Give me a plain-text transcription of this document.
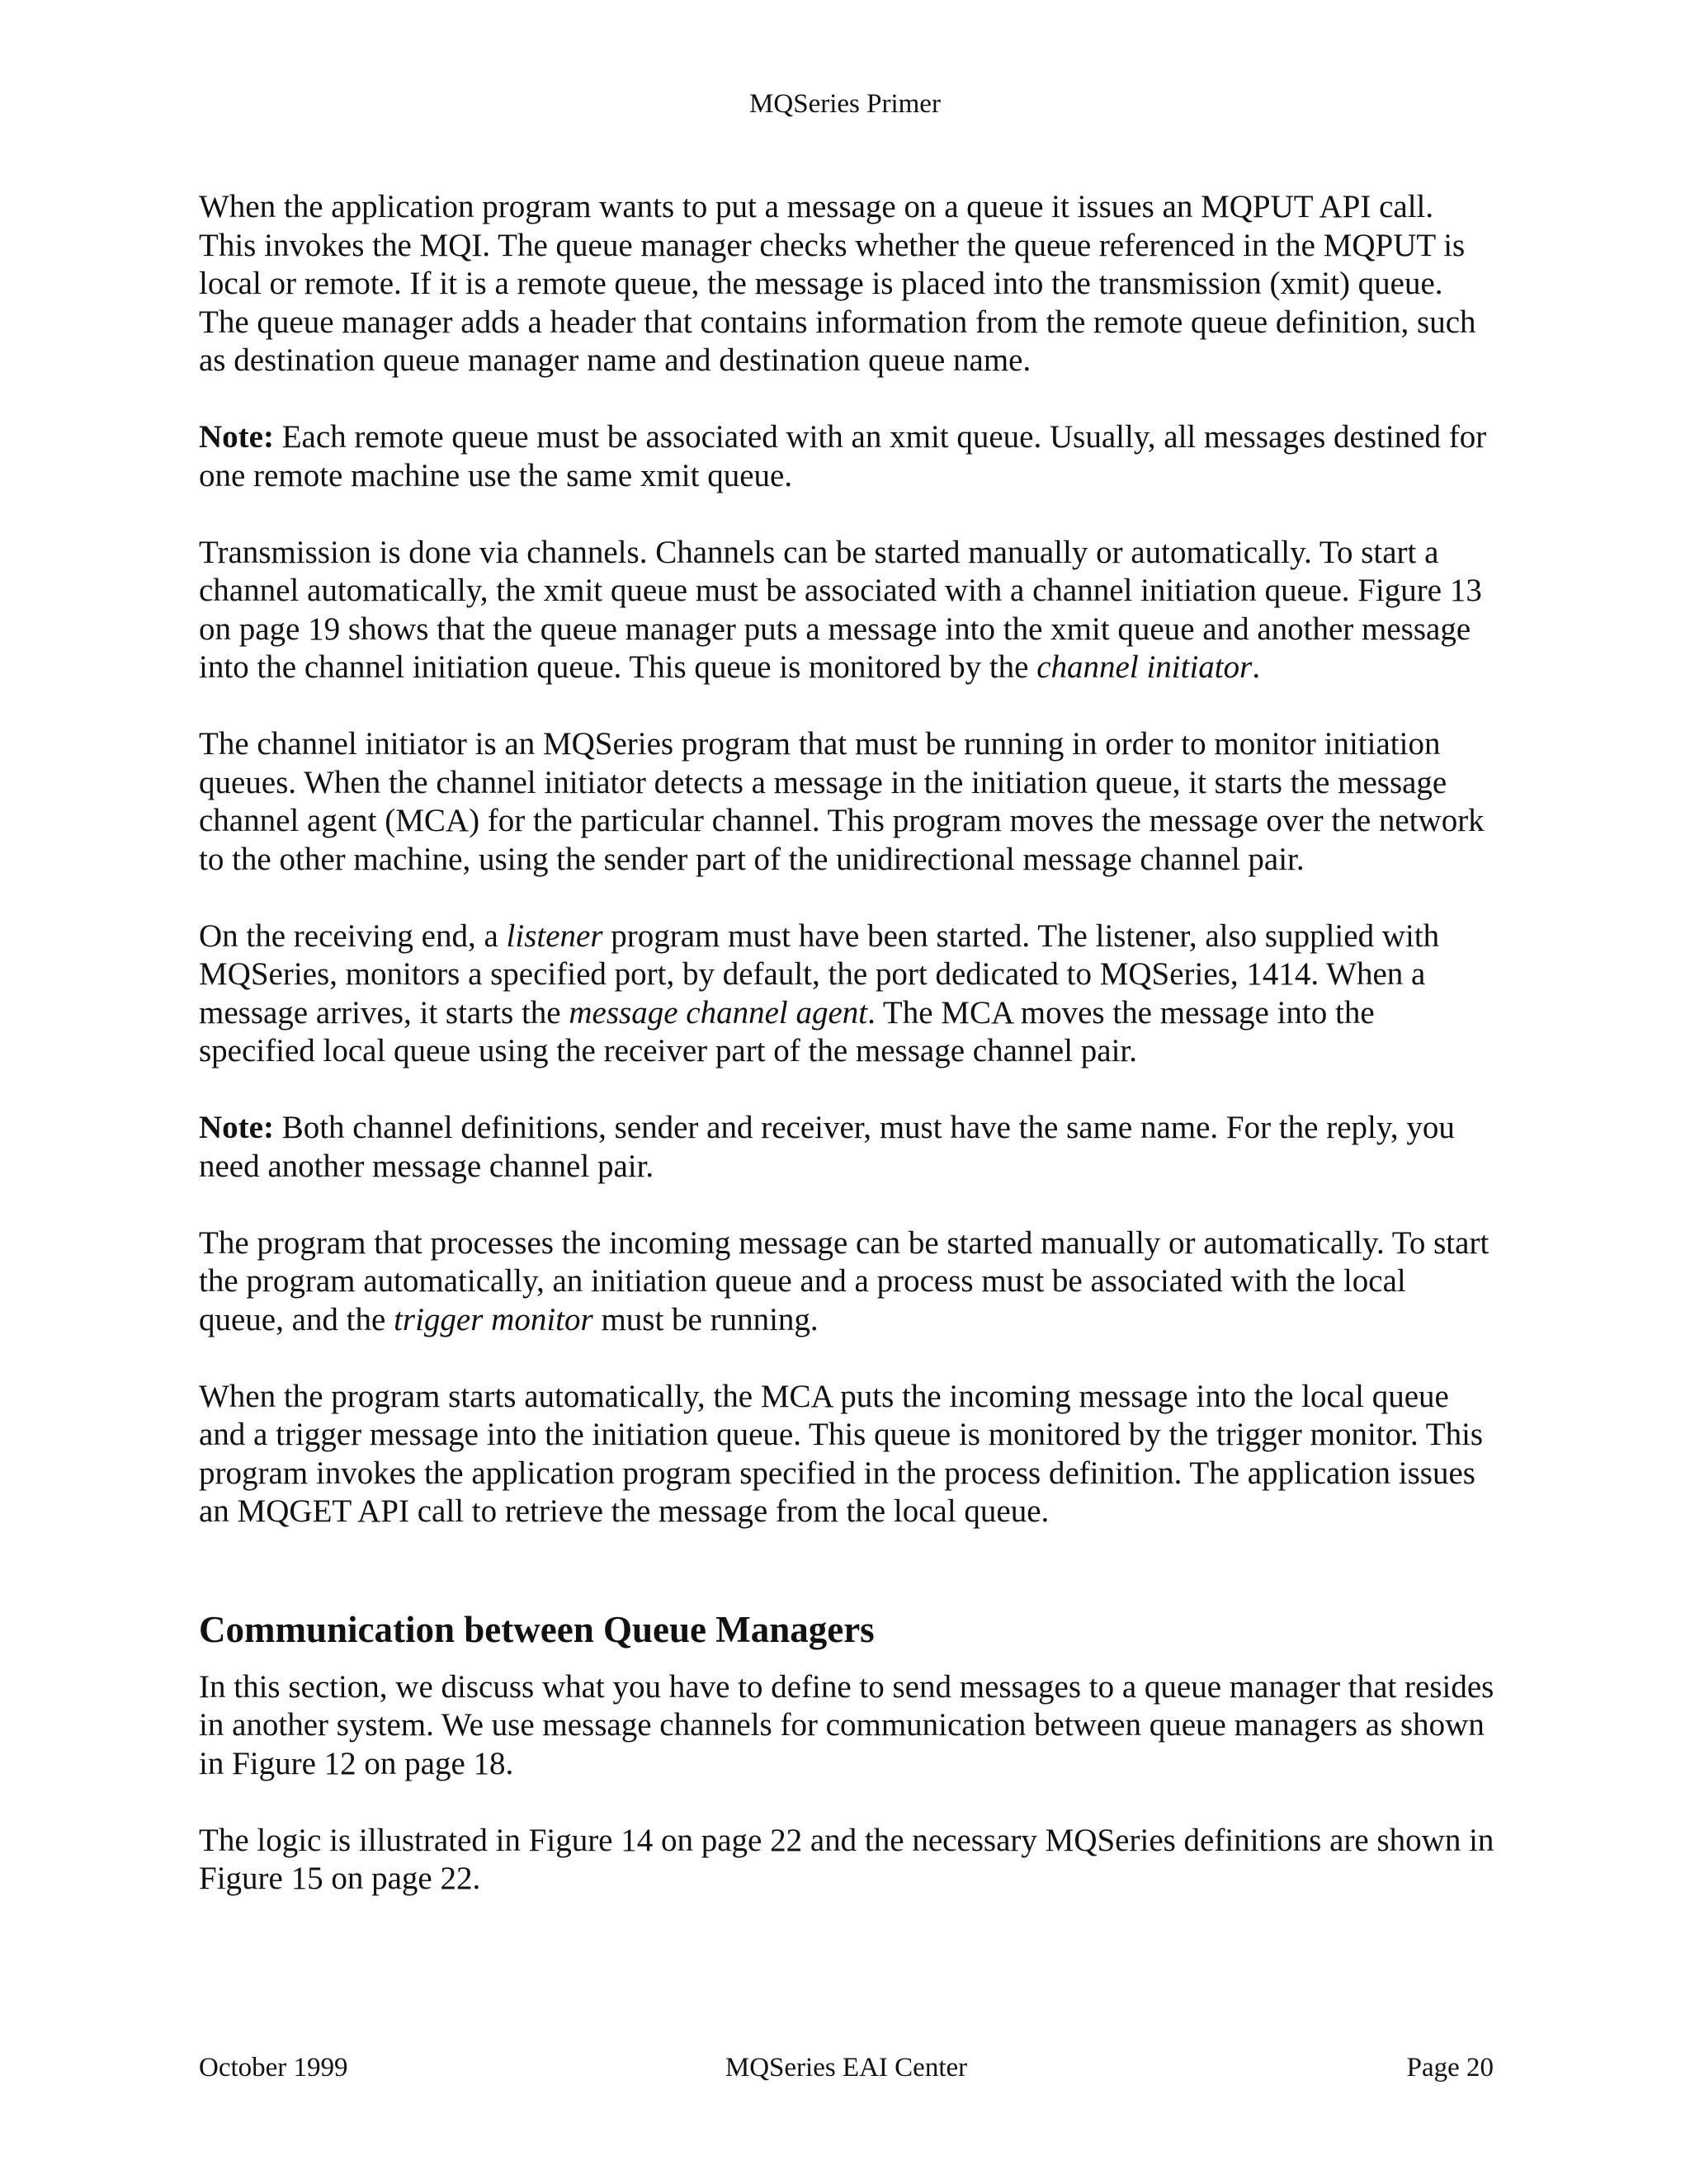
MQSeries Primer

When the application program wants to put a message on a queue it issues an MQPUT API call. This invokes the MQI. The queue manager checks whether the queue referenced in the MQPUT is local or remote. If it is a remote queue, the message is placed into the transmission (xmit) queue. The queue manager adds a header that contains information from the remote queue definition, such as destination queue manager name and destination queue name.

Note: Each remote queue must be associated with an xmit queue. Usually, all messages destined for one remote machine use the same xmit queue.

Transmission is done via channels. Channels can be started manually or automatically. To start a channel automatically, the xmit queue must be associated with a channel initiation queue. Figure 13 on page 19 shows that the queue manager puts a message into the xmit queue and another message into the channel initiation queue. This queue is monitored by the channel initiator.

The channel initiator is an MQSeries program that must be running in order to monitor initiation queues. When the channel initiator detects a message in the initiation queue, it starts the message channel agent (MCA) for the particular channel. This program moves the message over the network to the other machine, using the sender part of the unidirectional message channel pair.

On the receiving end, a listener program must have been started. The listener, also supplied with MQSeries, monitors a specified port, by default, the port dedicated to MQSeries, 1414. When a message arrives, it starts the message channel agent. The MCA moves the message into the specified local queue using the receiver part of the message channel pair.

Note: Both channel definitions, sender and receiver, must have the same name. For the reply, you need another message channel pair.

The program that processes the incoming message can be started manually or automatically. To start the program automatically, an initiation queue and a process must be associated with the local queue, and the trigger monitor must be running.

When the program starts automatically, the MCA puts the incoming message into the local queue and a trigger message into the initiation queue. This queue is monitored by the trigger monitor. This program invokes the application program specified in the process definition. The application issues an MQGET API call to retrieve the message from the local queue.

Communication between Queue Managers

In this section, we discuss what you have to define to send messages to a queue manager that resides in another system. We use message channels for communication between queue managers as shown in Figure 12 on page 18.

The logic is illustrated in Figure 14 on page 22 and the necessary MQSeries definitions are shown in Figure 15 on page 22.

October 1999	MQSeries EAI Center	Page 20
